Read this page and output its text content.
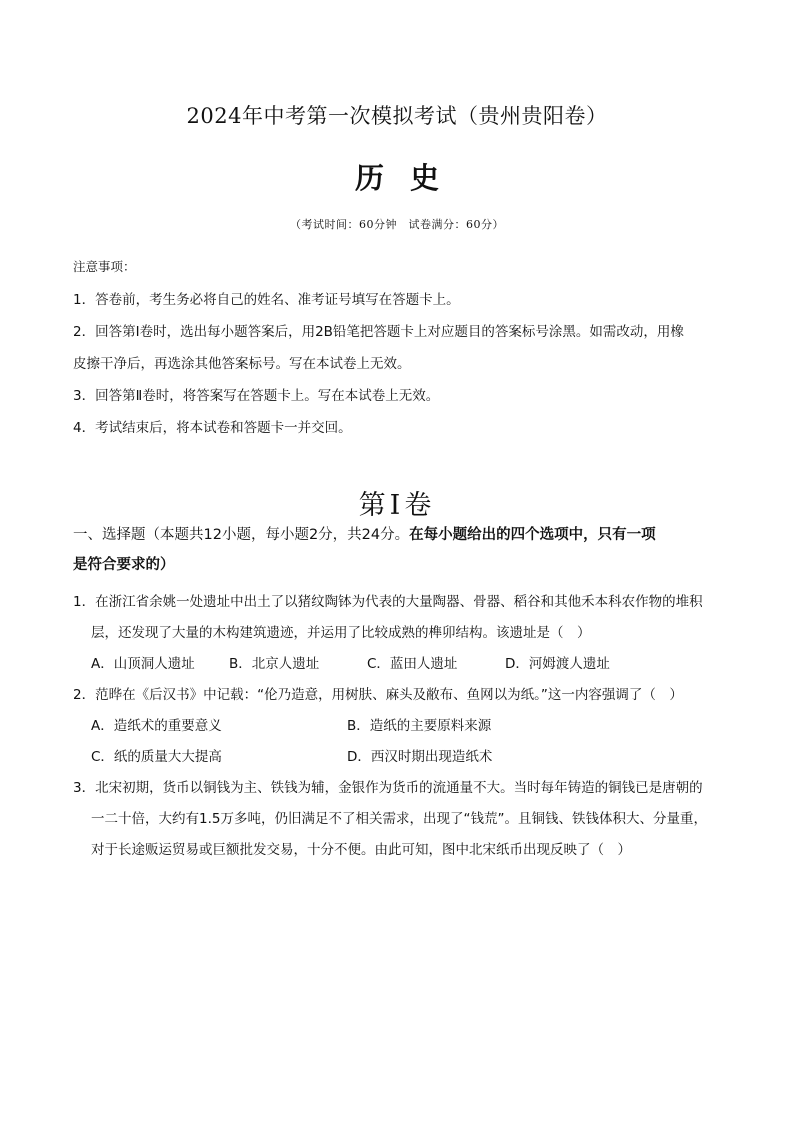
2024年中考第一次模拟考试（贵州贵阳卷）
历史
（考试时间：60分钟　试卷满分：60分）
注意事项：
1．答卷前，考生务必将自己的姓名、准考证号填写在答题卡上。
2．回答第Ⅰ卷时，选出每小题答案后，用2B铅笔把答题卡上对应题目的答案标号涂黑。如需改动，用橡
皮擦干净后，再选涂其他答案标号。写在本试卷上无效。
3．回答第Ⅱ卷时，将答案写在答题卡上。写在本试卷上无效。
4．考试结束后，将本试卷和答题卡一并交回。
第Ⅰ卷
一、选择题（本题共12小题，每小题2分，共24分。在每小题给出的四个选项中，只有一项
是符合要求的）
1．在浙江省余姚一处遗址中出土了以猪纹陶钵为代表的大量陶器、骨器、稻谷和其他禾本科农作物的堆积
层，还发现了大量的木构建筑遗迹，并运用了比较成熟的榫卯结构。该遗址是（　）
A．山顶洞人遗址	B．北京人遗址	C．蓝田人遗址	D．河姆渡人遗址
2．范晔在《后汉书》中记载：“伦乃造意，用树肤、麻头及敝布、鱼网以为纸。”这一内容强调了（　）
A．造纸术的重要意义	B．造纸的主要原料来源
C．纸的质量大大提高	D．西汉时期出现造纸术
3．北宋初期，货币以铜钱为主、铁钱为辅，金银作为货币的流通量不大。当时每年铸造的铜钱已是唐朝的
一二十倍，大约有1.5万多吨，仍旧满足不了相关需求，出现了“钱荒”。且铜钱、铁钱体积大、分量重，
对于长途贩运贸易或巨额批发交易，十分不便。由此可知，图中北宋纸币出现反映了（　）
